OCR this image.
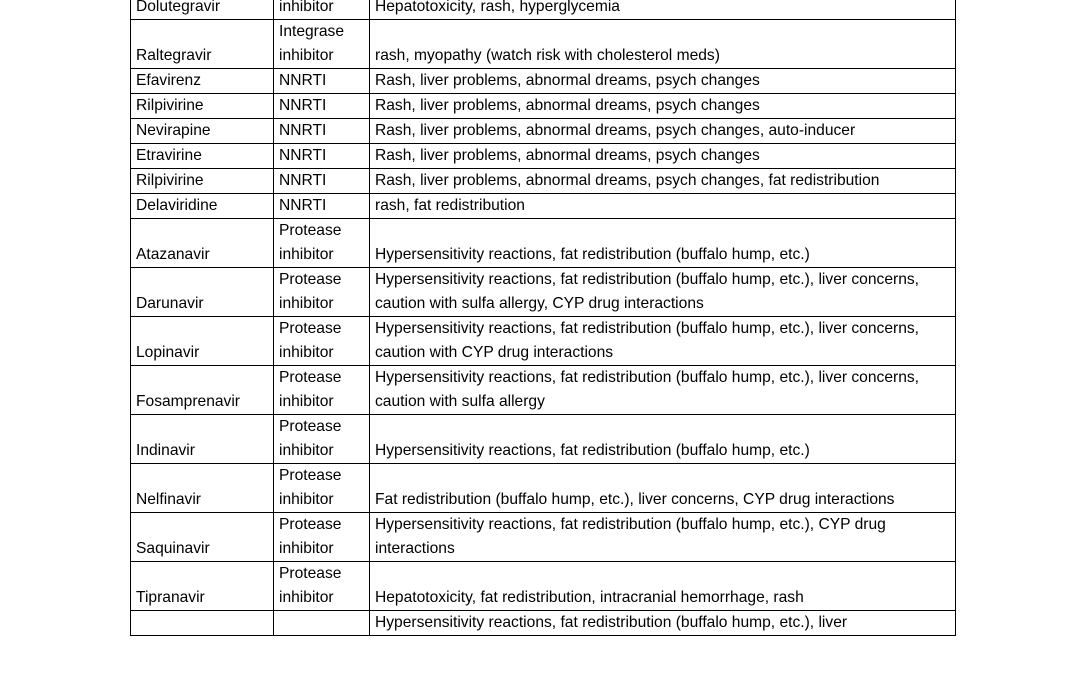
Dolutegravir	inhibitor	Hepatotoxicity, rash, hyperglycemia
Raltegravir	Integrase inhibitor	rash, myopathy (watch risk with cholesterol meds)
Efavirenz	NNRTI	Rash, liver problems, abnormal dreams, psych changes
Rilpivirine	NNRTI	Rash, liver problems, abnormal dreams, psych changes
Nevirapine	NNRTI	Rash, liver problems, abnormal dreams, psych changes, auto-inducer
Etravirine	NNRTI	Rash, liver problems, abnormal dreams, psych changes
Rilpivirine	NNRTI	Rash, liver problems, abnormal dreams, psych changes, fat redistribution
Delaviridine	NNRTI	rash, fat redistribution
Atazanavir	Protease inhibitor	Hypersensitivity reactions, fat redistribution (buffalo hump, etc.)
Darunavir	Protease inhibitor	Hypersensitivity reactions, fat redistribution (buffalo hump, etc.), liver concerns, caution with sulfa allergy, CYP drug interactions
Lopinavir	Protease inhibitor	Hypersensitivity reactions, fat redistribution (buffalo hump, etc.), liver concerns, caution with CYP drug interactions
Fosamprenavir	Protease inhibitor	Hypersensitivity reactions, fat redistribution (buffalo hump, etc.), liver concerns, caution with sulfa allergy
Indinavir	Protease inhibitor	Hypersensitivity reactions, fat redistribution (buffalo hump, etc.)
Nelfinavir	Protease inhibitor	Fat redistribution (buffalo hump, etc.), liver concerns, CYP drug interactions
Saquinavir	Protease inhibitor	Hypersensitivity reactions, fat redistribution (buffalo hump, etc.), CYP drug interactions
Tipranavir	Protease inhibitor	Hepatotoxicity, fat redistribution, intracranial hemorrhage, rash
		Hypersensitivity reactions, fat redistribution (buffalo hump, etc.), liver
